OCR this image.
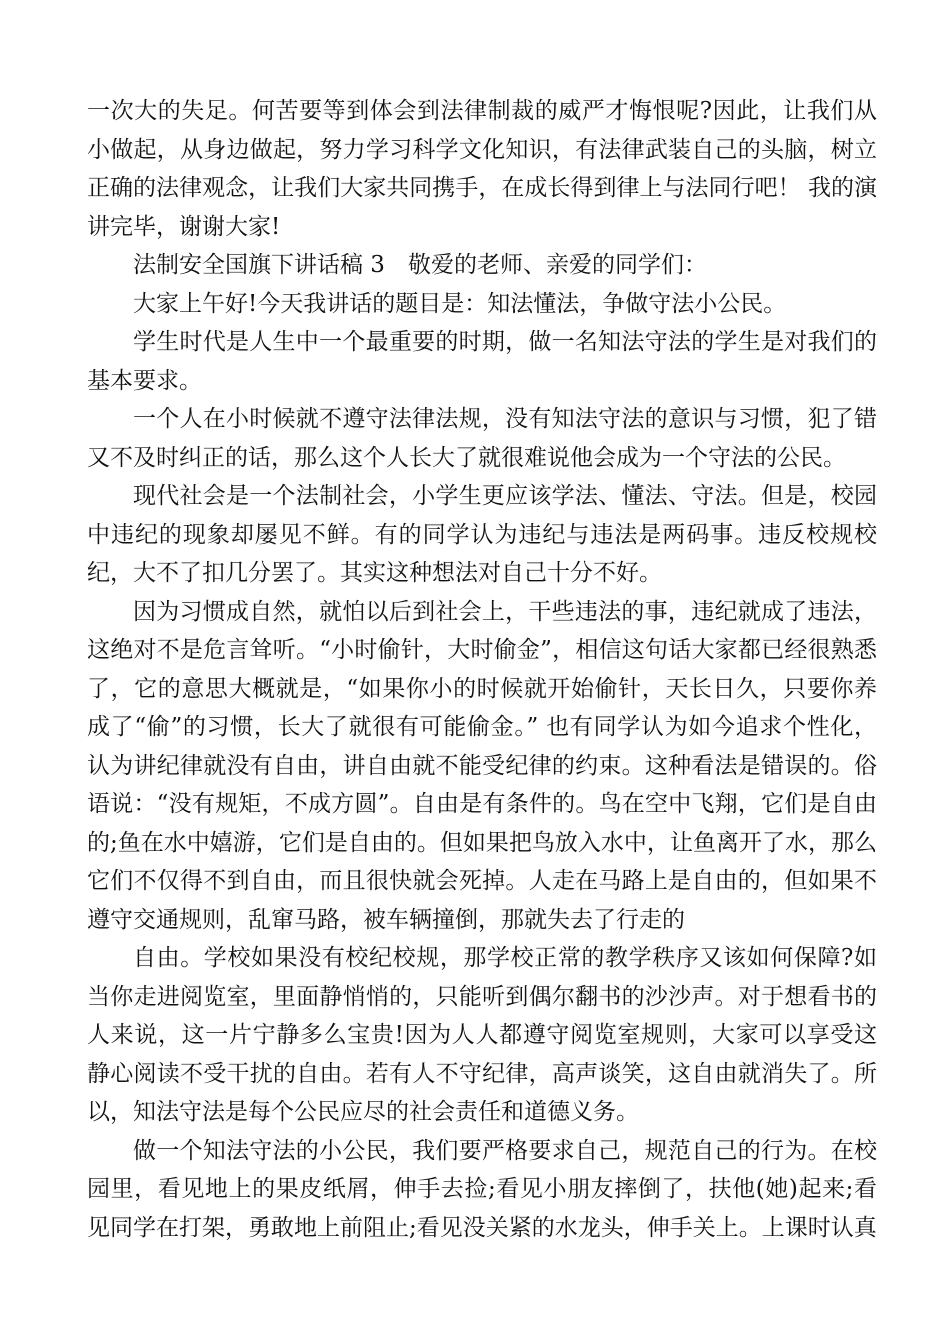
一次大的失足。何苦要等到体会到法律制裁的威严才悔恨呢?因此，让我们从小做起，从身边做起，努力学习科学文化知识，有法律武装自己的头脑，树立正确的法律观念，让我们大家共同携手，在成长得到律上与法同行吧！ 我的演讲完毕，谢谢大家!

法制安全国旗下讲话稿 3　敬爱的老师、亲爱的同学们：

大家上午好!今天我讲话的题目是：知法懂法，争做守法小公民。

学生时代是人生中一个最重要的时期，做一名知法守法的学生是对我们的基本要求。

一个人在小时候就不遵守法律法规，没有知法守法的意识与习惯，犯了错又不及时纠正的话，那么这个人长大了就很难说他会成为一个守法的公民。

现代社会是一个法制社会，小学生更应该学法、懂法、守法。但是，校园中违纪的现象却屡见不鲜。有的同学认为违纪与违法是两码事。违反校规校纪，大不了扣几分罢了。其实这种想法对自己十分不好。

因为习惯成自然，就怕以后到社会上，干些违法的事，违纪就成了违法，这绝对不是危言耸听。“小时偷针，大时偷金”，相信这句话大家都已经很熟悉了，它的意思大概就是，“如果你小的时候就开始偷针，天长日久，只要你养成了“偷”的习惯，长大了就很有可能偷金。” 也有同学认为如今追求个性化，认为讲纪律就没有自由，讲自由就不能受纪律的约束。这种看法是错误的。俗语说：“没有规矩，不成方圆”。自由是有条件的。鸟在空中飞翔，它们是自由的;鱼在水中嬉游，它们是自由的。但如果把鸟放入水中，让鱼离开了水，那么它们不仅得不到自由，而且很快就会死掉。人走在马路上是自由的，但如果不遵守交通规则，乱窜马路，被车辆撞倒，那就失去了行走的

自由。学校如果没有校纪校规，那学校正常的教学秩序又该如何保障?如当你走进阅览室，里面静悄悄的，只能听到偶尔翻书的沙沙声。对于想看书的人来说，这一片宁静多么宝贵!因为人人都遵守阅览室规则，大家可以享受这静心阅读不受干扰的自由。若有人不守纪律，高声谈笑，这自由就消失了。所以，知法守法是每个公民应尽的社会责任和道德义务。

做一个知法守法的小公民，我们要严格要求自己，规范自己的行为。在校园里，看见地上的果皮纸屑，伸手去捡;看见小朋友摔倒了，扶他(她)起来;看见同学在打架，勇敢地上前阻止;看见没关紧的水龙头，伸手关上。上课时认真
